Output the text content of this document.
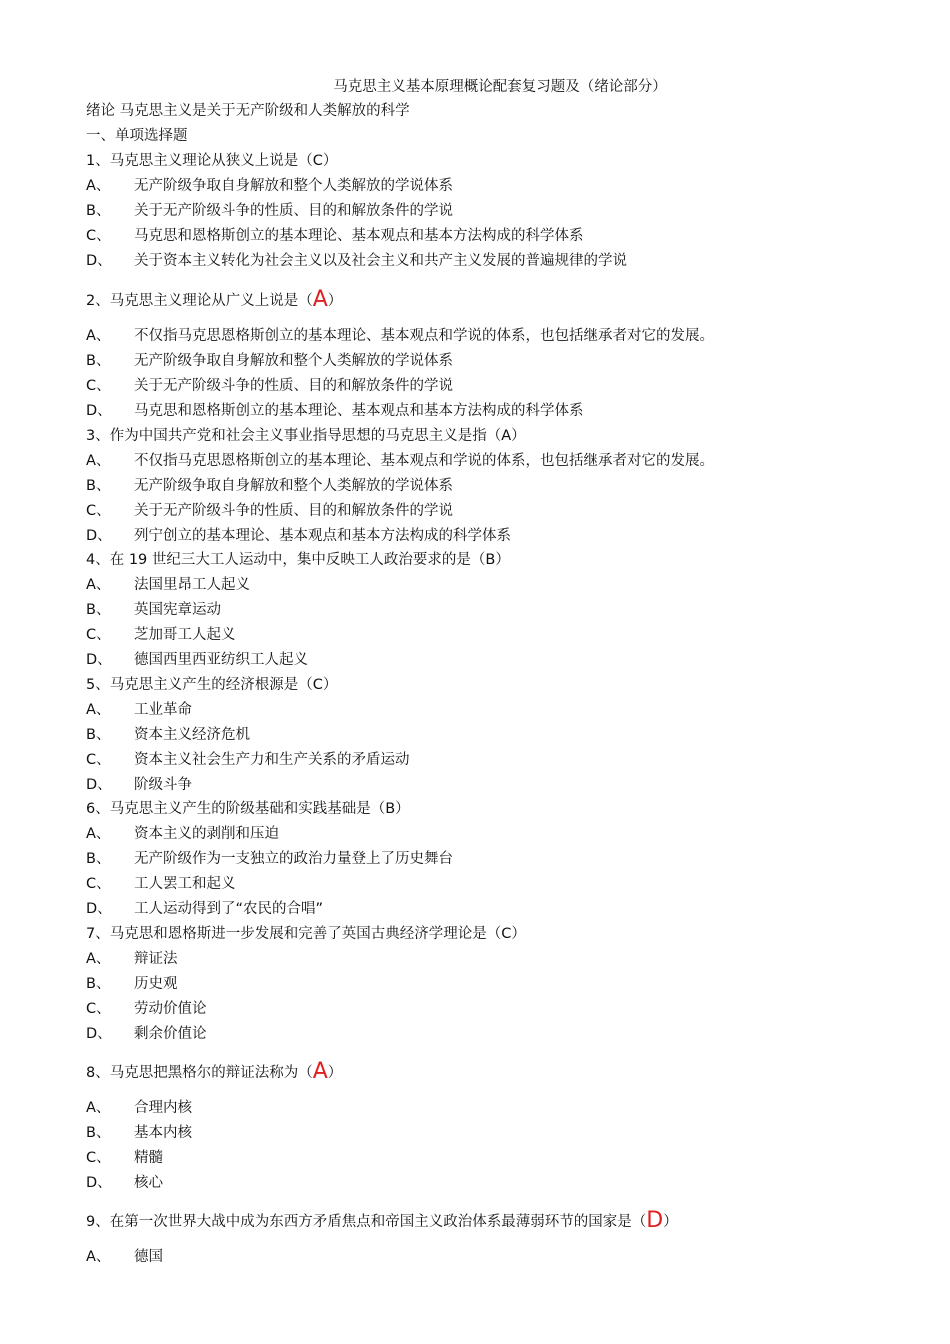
马克思主义基本原理概论配套复习题及（绪论部分）
绪论 马克思主义是关于无产阶级和人类解放的科学
一、单项选择题
1、马克思主义理论从狭义上说是（C）
A、 无产阶级争取自身解放和整个人类解放的学说体系
B、 关于无产阶级斗争的性质、目的和解放条件的学说
C、 马克思和恩格斯创立的基本理论、基本观点和基本方法构成的科学体系
D、 关于资本主义转化为社会主义以及社会主义和共产主义发展的普遍规律的学说
2、马克思主义理论从广义上说是（A）
A、 不仅指马克思恩格斯创立的基本理论、基本观点和学说的体系，也包括继承者对它的发展。
B、 无产阶级争取自身解放和整个人类解放的学说体系
C、 关于无产阶级斗争的性质、目的和解放条件的学说
D、 马克思和恩格斯创立的基本理论、基本观点和基本方法构成的科学体系
3、作为中国共产党和社会主义事业指导思想的马克思主义是指（A）
A、 不仅指马克思恩格斯创立的基本理论、基本观点和学说的体系，也包括继承者对它的发展。
B、 无产阶级争取自身解放和整个人类解放的学说体系
C、 关于无产阶级斗争的性质、目的和解放条件的学说
D、 列宁创立的基本理论、基本观点和基本方法构成的科学体系
4、在 19 世纪三大工人运动中，集中反映工人政治要求的是（B）
A、 法国里昂工人起义
B、 英国宪章运动
C、 芝加哥工人起义
D、 德国西里西亚纺织工人起义
5、马克思主义产生的经济根源是（C）
A、 工业革命
B、 资本主义经济危机
C、 资本主义社会生产力和生产关系的矛盾运动
D、 阶级斗争
6、马克思主义产生的阶级基础和实践基础是（B）
A、 资本主义的剥削和压迫
B、 无产阶级作为一支独立的政治力量登上了历史舞台
C、 工人罢工和起义
D、 工人运动得到了“农民的合唱”
7、马克思和恩格斯进一步发展和完善了英国古典经济学理论是（C）
A、 辩证法
B、 历史观
C、 劳动价值论
D、 剩余价值论
8、马克思把黑格尔的辩证法称为（A）
A、 合理内核
B、 基本内核
C、 精髓
D、 核心
9、在第一次世界大战中成为东西方矛盾焦点和帝国主义政治体系最薄弱环节的国家是（D）
A、 德国
